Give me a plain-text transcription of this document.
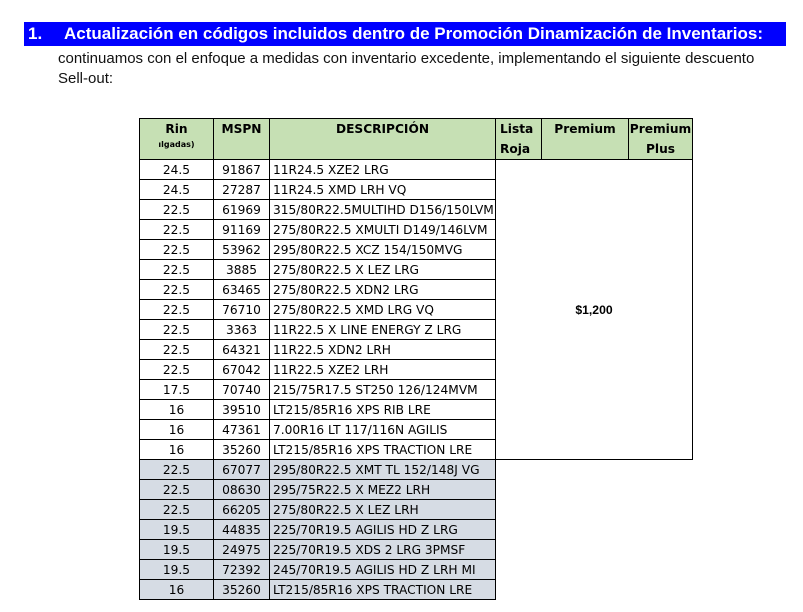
1. Actualización en códigos incluidos dentro de Promoción Dinamización de Inventarios:

continuamos con el enfoque a medidas con inventario excedente, implementando el siguiente descuento Sell-out:

Rin
ılgadas)	MSPN	DESCRIPCIÓN	Lista Roja	Premium	Premium Plus
24.5	91867	11R24.5 XZE2 LRG	$1,200		
24.5	27287	11R24.5 XMD LRH VQ			
22.5	61969	315/80R22.5MULTIHD D156/150LVM			
22.5	91169	275/80R22.5 XMULTI D149/146LVM			
22.5	53962	295/80R22.5 XCZ 154/150MVG			
22.5	3885	275/80R22.5 X LEZ LRG			
22.5	63465	275/80R22.5 XDN2 LRG			
22.5	76710	275/80R22.5 XMD LRG VQ			
22.5	3363	11R22.5 X LINE ENERGY Z LRG			
22.5	64321	11R22.5 XDN2 LRH			
22.5	67042	11R22.5 XZE2 LRH			
17.5	70740	215/75R17.5 ST250 126/124MVM			
16	39510	LT215/85R16 XPS RIB LRE			
16	47361	7.00R16 LT 117/116N AGILIS			
16	35260	LT215/85R16 XPS TRACTION LRE			
22.5	67077	295/80R22.5 XMT TL 152/148J VG			
22.5	08630	295/75R22.5 X MEZ2 LRH			
22.5	66205	275/80R22.5 X LEZ LRH			
19.5	44835	225/70R19.5 AGILIS HD Z LRG			
19.5	24975	225/70R19.5 XDS 2 LRG 3PMSF			
19.5	72392	245/70R19.5 AGILIS HD Z LRH MI			
16	35260	LT215/85R16 XPS TRACTION LRE			
